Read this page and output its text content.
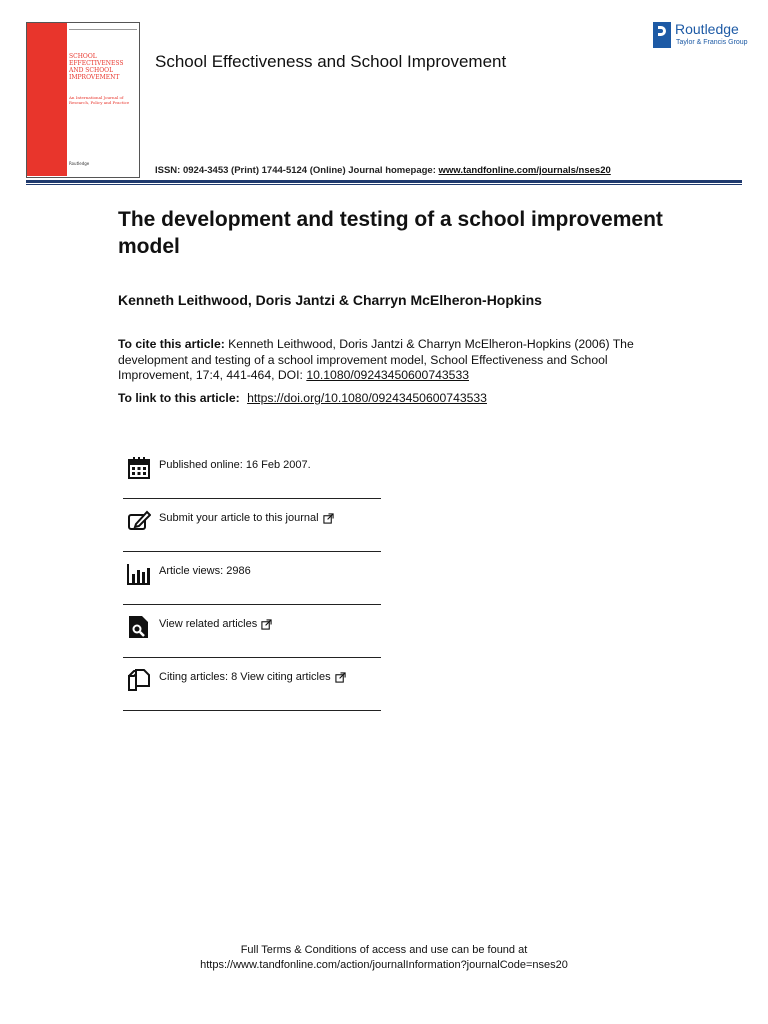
SCHOOL EFFECTIVENESS AND SCHOOL IMPROVEMENT
An International Journal of Research, Policy and Practice
Routledge
School Effectiveness and School Improvement
Routledge
Taylor & Francis Group
ISSN: 0924-3453 (Print) 1744-5124 (Online) Journal homepage: www.tandfonline.com/journals/nses20
The development and testing of a school improvement model
Kenneth Leithwood, Doris Jantzi & Charryn McElheron-Hopkins
To cite this article: Kenneth Leithwood, Doris Jantzi & Charryn McElheron-Hopkins (2006) The development and testing of a school improvement model, School Effectiveness and School Improvement, 17:4, 441-464, DOI: 10.1080/09243450600743533
To link to this article: https://doi.org/10.1080/09243450600743533
Published online: 16 Feb 2007.
Submit your article to this journal
Article views: 2986
View related articles
Citing articles: 8 View citing articles
Full Terms & Conditions of access and use can be found at
https://www.tandfonline.com/action/journalInformation?journalCode=nses20
